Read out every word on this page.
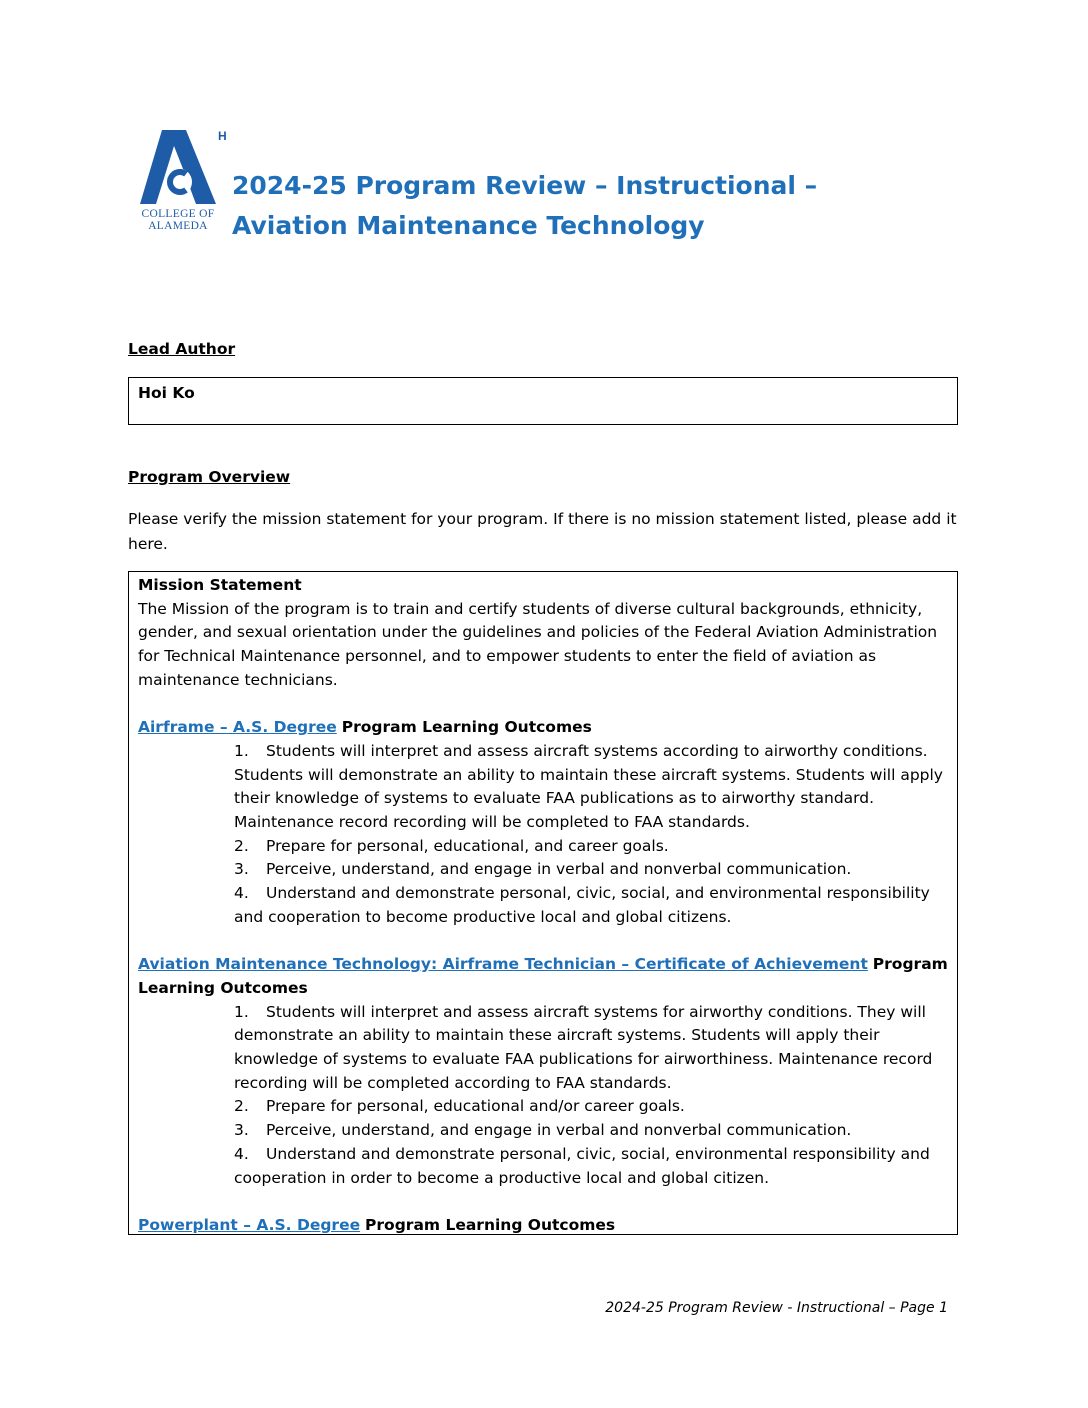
H
COLLEGE OF
ALAMEDA
2024-25 Program Review – Instructional –
Aviation Maintenance Technology
Lead Author
Hoi Ko
Program Overview

Please verify the mission statement for your program. If there is no mission statement listed, please add it here.

Mission Statement

The Mission of the program is to train and certify students of diverse cultural backgrounds, ethnicity, gender, and sexual orientation under the guidelines and policies of the Federal Aviation Administration for Technical Maintenance personnel, and to empower students to enter the field of aviation as maintenance technicians.

Airframe – A.S. Degree Program Learning Outcomes

1. Students will interpret and assess aircraft systems according to airworthy conditions. Students will demonstrate an ability to maintain these aircraft systems. Students will apply their knowledge of systems to evaluate FAA publications as to airworthy standard. Maintenance record recording will be completed to FAA standards.
2. Prepare for personal, educational, and career goals.
3. Perceive, understand, and engage in verbal and nonverbal communication.
4. Understand and demonstrate personal, civic, social, and environmental responsibility and cooperation to become productive local and global citizens.

Aviation Maintenance Technology: Airframe Technician – Certificate of Achievement Program Learning Outcomes

1. Students will interpret and assess aircraft systems for airworthy conditions. They will demonstrate an ability to maintain these aircraft systems. Students will apply their knowledge of systems to evaluate FAA publications for airworthiness. Maintenance record recording will be completed according to FAA standards.
2. Prepare for personal, educational and/or career goals.
3. Perceive, understand, and engage in verbal and nonverbal communication.
4. Understand and demonstrate personal, civic, social, environmental responsibility and cooperation in order to become a productive local and global citizen.

Powerplant – A.S. Degree Program Learning Outcomes

2024-25 Program Review - Instructional – Page 1
